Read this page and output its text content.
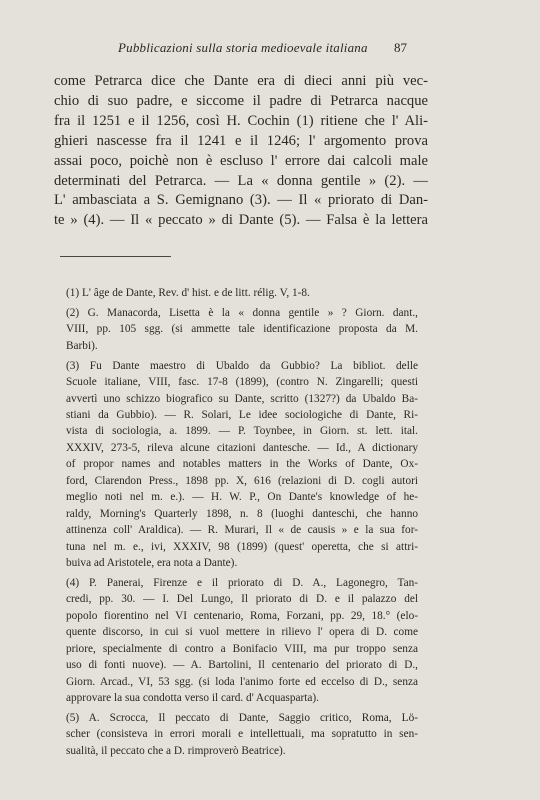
Pubblicazioni sulla storia medioevale italiana 87
come Petrarca dice che Dante era di dieci anni più vec-
chio di suo padre, e siccome il padre di Petrarca nacque
fra il 1251 e il 1256, così H. Cochin (1) ritiene che l' Ali-
ghieri nascesse fra il 1241 e il 1246; l' argomento prova
assai poco, poichè non è escluso l' errore dai calcoli male
determinati del Petrarca. — La « donna gentile » (2). —
L' ambasciata a S. Gemignano (3). — Il « priorato di Dan-
te » (4). — Il « peccato » di Dante (5). — Falsa è la lettera
(1) L' âge de Dante, Rev. d' hist. e de litt. rélig. V, 1-8.
(2) G. Manacorda, Lisetta è la « donna gentile » ? Giorn. dant.,
VIII, pp. 105 sgg. (si ammette tale identificazione proposta da M.
Barbi).
(3) Fu Dante maestro di Ubaldo da Gubbio? La bibliot. delle
Scuole italiane, VIII, fasc. 17-8 (1899), (contro N. Zingarelli; questi
avvertì uno schizzo biografico su Dante, scritto (1327?) da Ubaldo Ba-
stiani da Gubbio). — R. Solari, Le idee sociologiche di Dante, Ri-
vista di sociologia, a. 1899. — P. Toynbee, in Giorn. st. lett. ital.
XXXIV, 273-5, rileva alcune citazioni dantesche. — Id., A dictionary
of propor names and notables matters in the Works of Dante, Ox-
ford, Clarendon Press., 1898 pp. X, 616 (relazioni di D. cogli autori
meglio noti nel m. e.). — H. W. P., On Dante's knowledge of he-
raldy, Morning's Quarterly 1898, n. 8 (luoghi danteschi, che hanno
attinenza coll' Araldica). — R. Murari, Il « de causis » e la sua for-
tuna nel m. e., ivi, XXXIV, 98 (1899) (quest' operetta, che si attri-
buiva ad Aristotele, era nota a Dante).
(4) P. Panerai, Firenze e il priorato di D. A., Lagonegro, Tan-
credi, pp. 30. — I. Del Lungo, Il priorato di D. e il palazzo del
popolo fiorentino nel VI centenario, Roma, Forzani, pp. 29, 18.° (elo-
quente discorso, in cui si vuol mettere in rilievo l' opera di D. come
priore, specialmente di contro a Bonifacio VIII, ma pur troppo senza
uso di fonti nuove). — A. Bartolini, Il centenario del priorato di D.,
Giorn. Arcad., VI, 53 sgg. (si loda l'animo forte ed eccelso di D., senza
approvare la sua condotta verso il card. d' Acquasparta).
(5) A. Scrocca, Il peccato di Dante, Saggio critico, Roma, Lö-
scher (consisteva in errori morali e intellettuali, ma sopratutto in sen-
sualità, il peccato che a D. rimproverò Beatrice).
